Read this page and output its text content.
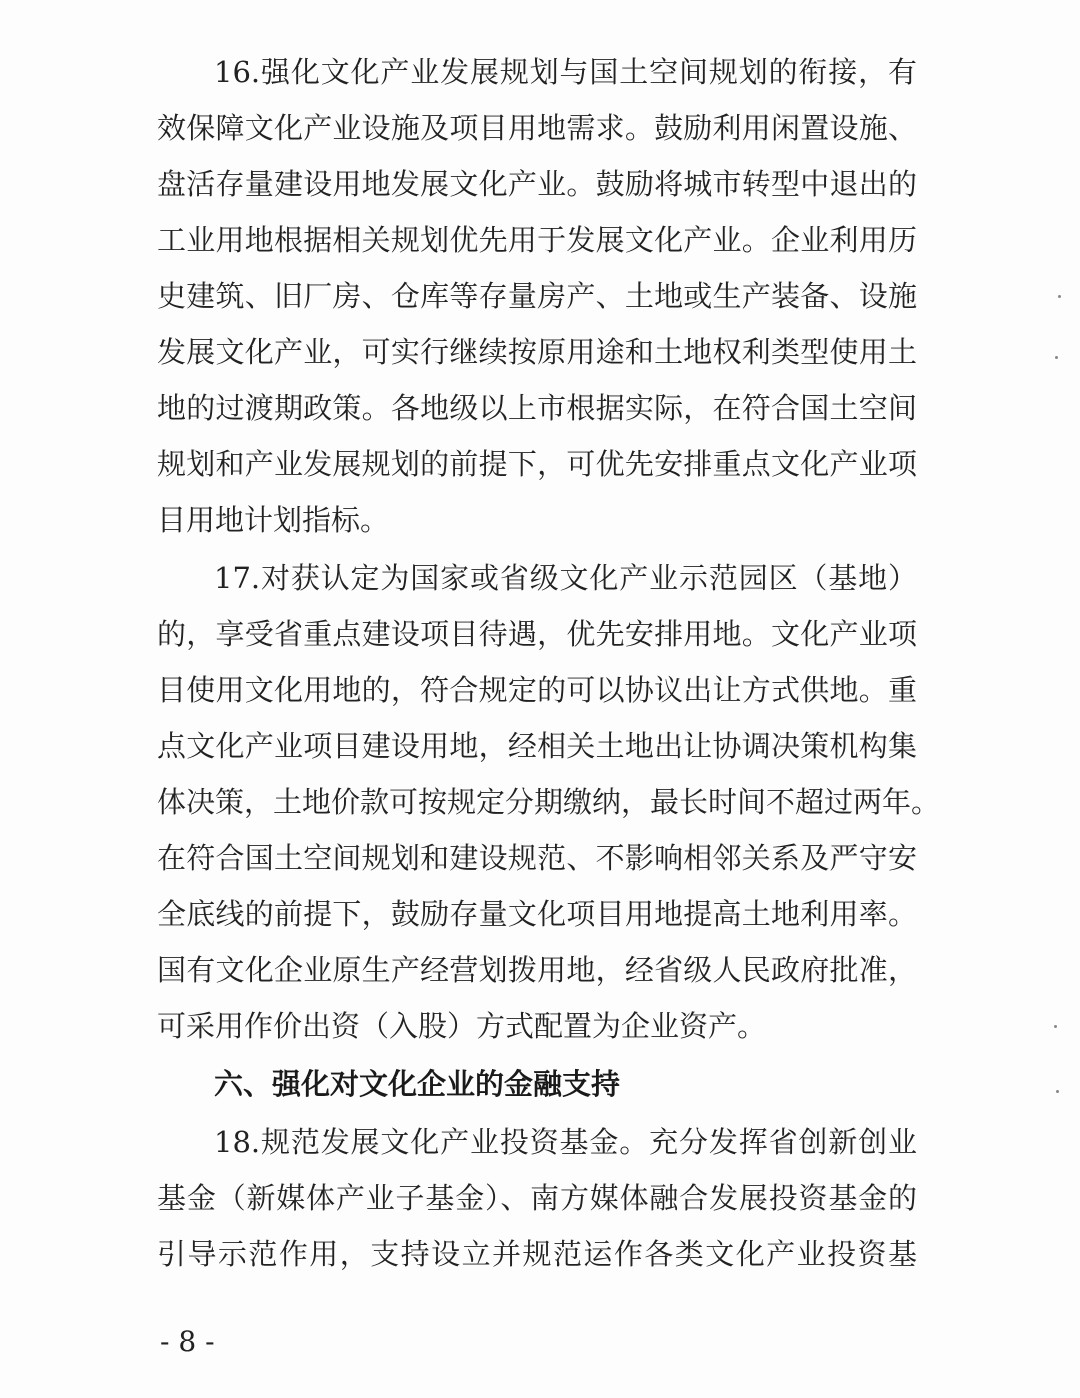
16.强化文化产业发展规划与国土空间规划的衔接，有
效保障文化产业设施及项目用地需求。鼓励利用闲置设施、
盘活存量建设用地发展文化产业。鼓励将城市转型中退出的
工业用地根据相关规划优先用于发展文化产业。企业利用历
史建筑、旧厂房、仓库等存量房产、土地或生产装备、设施
发展文化产业，可实行继续按原用途和土地权利类型使用土
地的过渡期政策。各地级以上市根据实际，在符合国土空间
规划和产业发展规划的前提下，可优先安排重点文化产业项
目用地计划指标。
17.对获认定为国家或省级文化产业示范园区（基地）
的，享受省重点建设项目待遇，优先安排用地。文化产业项
目使用文化用地的，符合规定的可以协议出让方式供地。重
点文化产业项目建设用地，经相关土地出让协调决策机构集
体决策，土地价款可按规定分期缴纳，最长时间不超过两年。
在符合国土空间规划和建设规范、不影响相邻关系及严守安
全底线的前提下，鼓励存量文化项目用地提高土地利用率。
国有文化企业原生产经营划拨用地，经省级人民政府批准，
可采用作价出资（入股）方式配置为企业资产。
六、强化对文化企业的金融支持
18.规范发展文化产业投资基金。充分发挥省创新创业
基金（新媒体产业子基金）、南方媒体融合发展投资基金的
引导示范作用，支持设立并规范运作各类文化产业投资基
- 8 -
